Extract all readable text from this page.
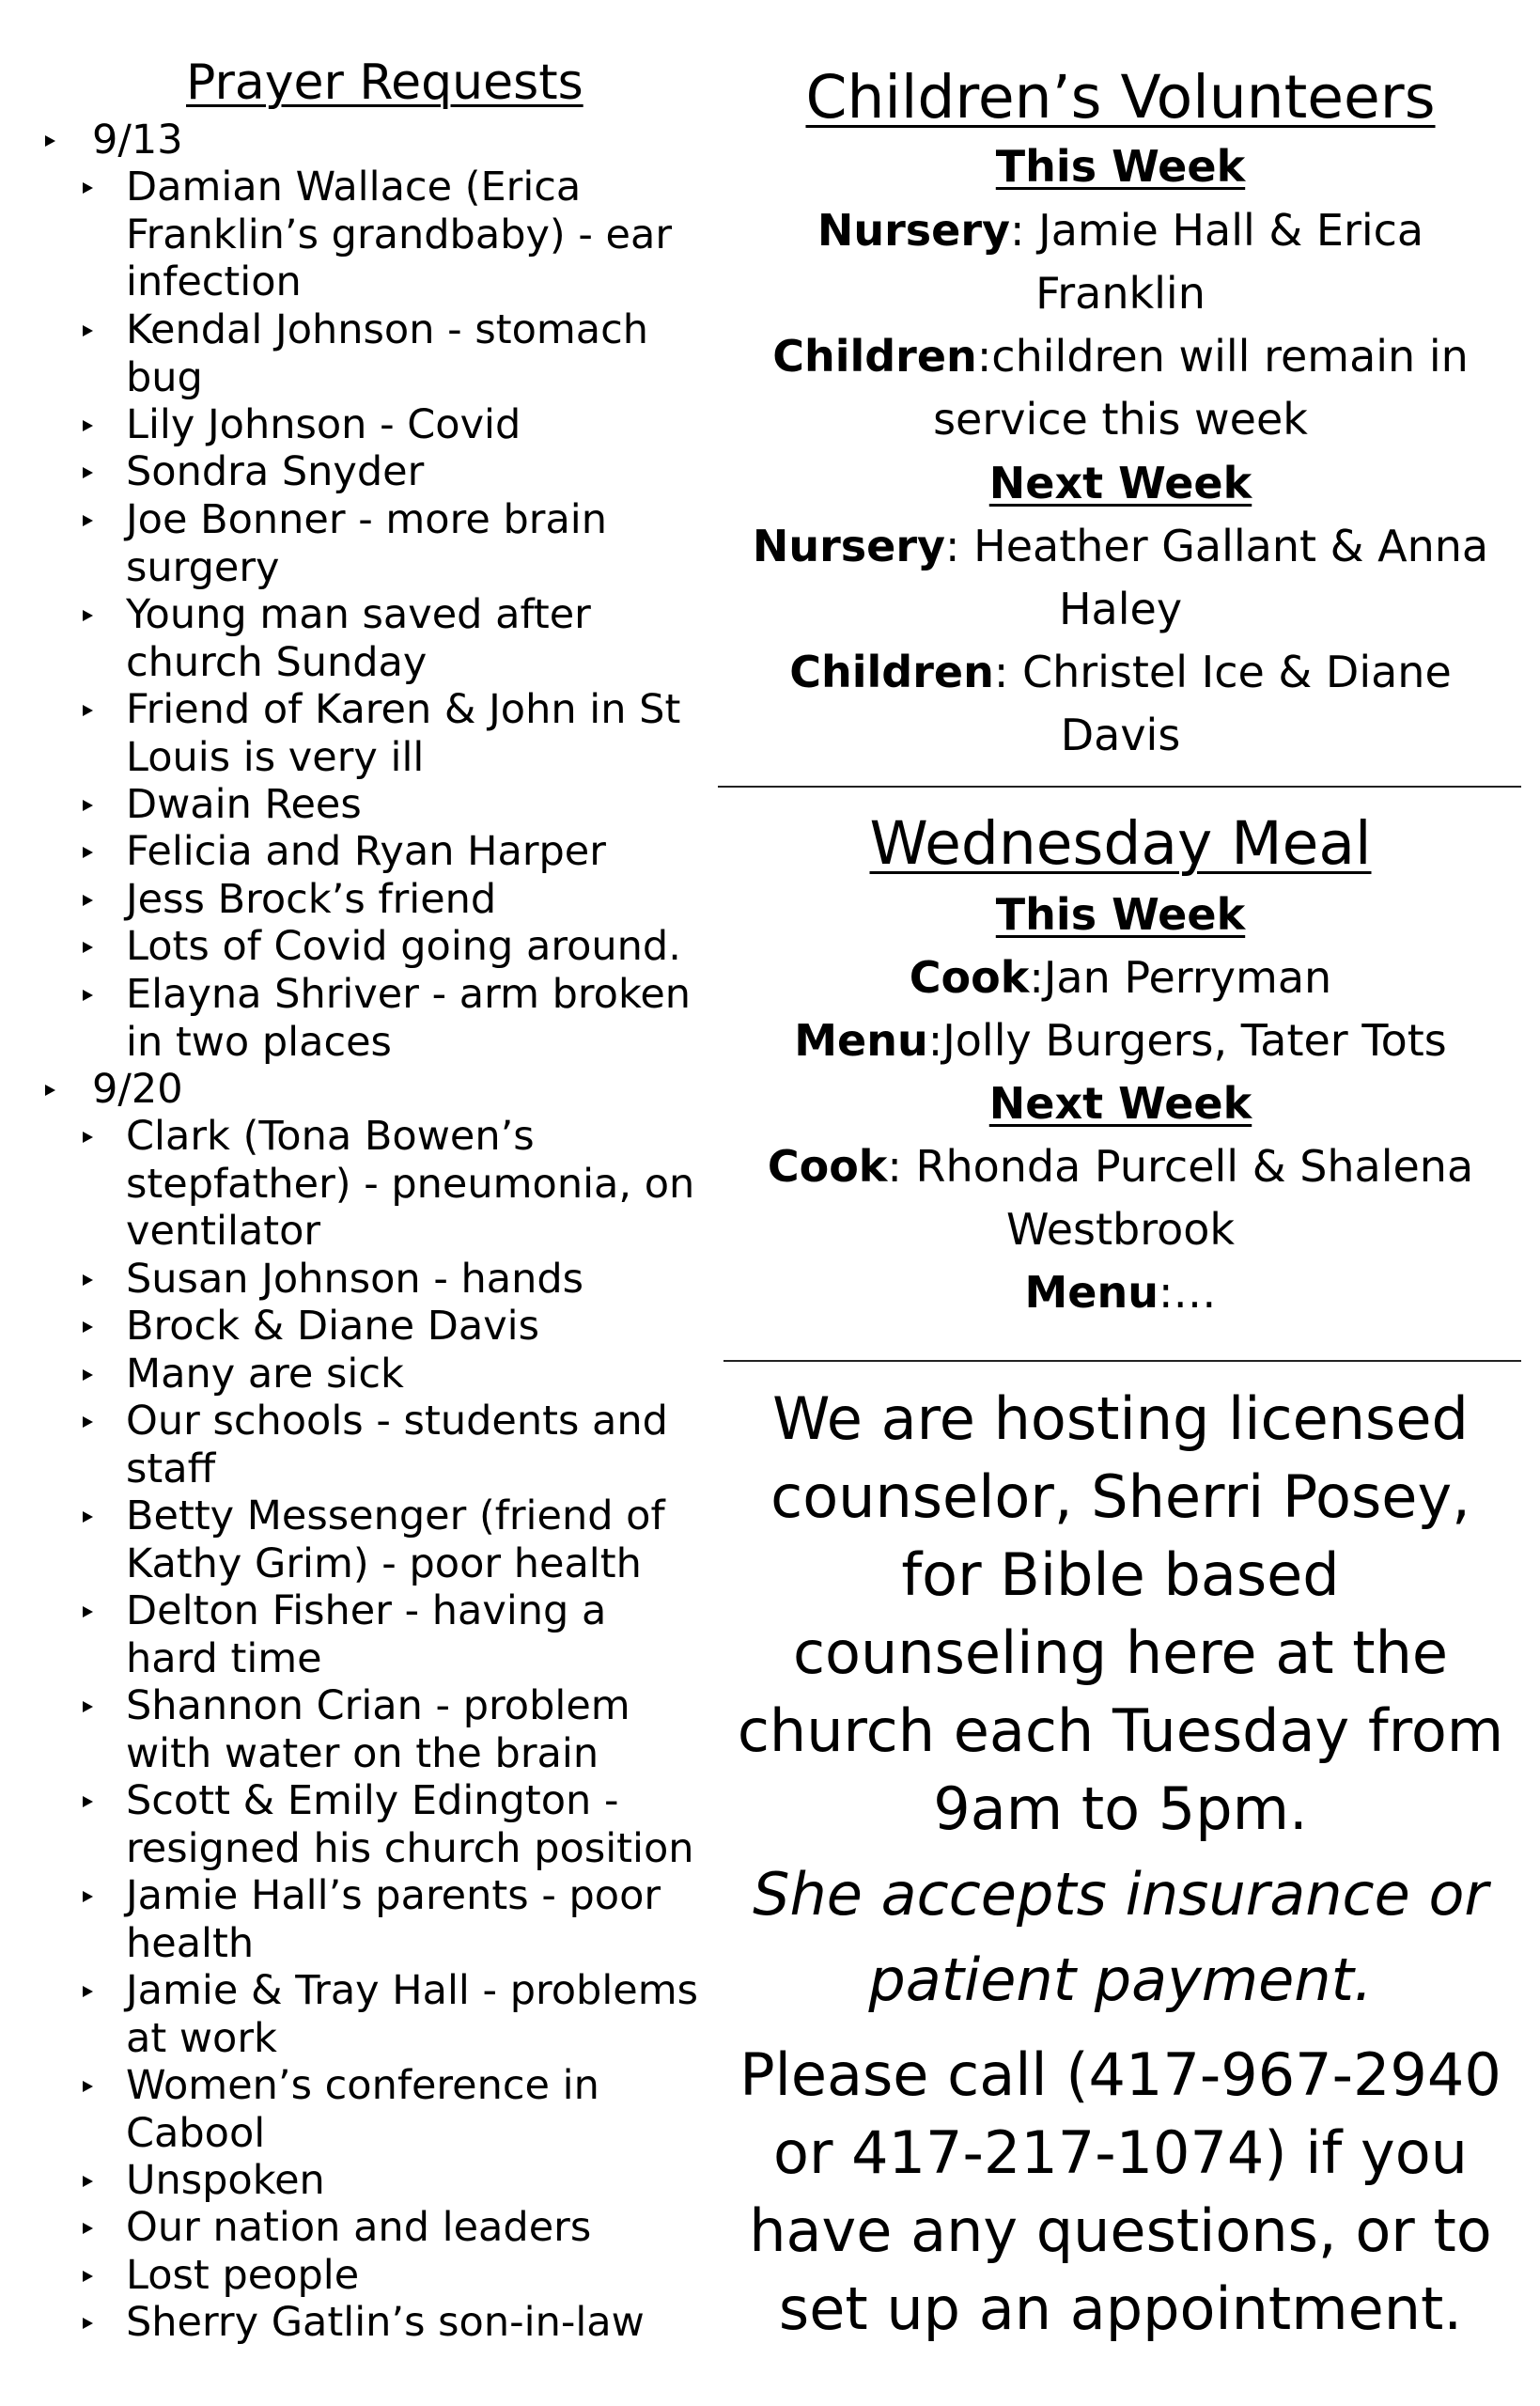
Prayer Requests
9/13
Damian Wallace (Erica Franklin’s grandbaby) - ear infection
Kendal Johnson - stomach bug
Lily Johnson - Covid
Sondra Snyder
Joe Bonner - more brain surgery
Young man saved after church Sunday
Friend of Karen & John in St Louis is very ill
Dwain Rees
Felicia and Ryan Harper
Jess Brock’s friend
Lots of Covid going around.
Elayna Shriver - arm broken in two places
9/20
Clark (Tona Bowen’s stepfather) - pneumonia, on ventilator
Susan Johnson - hands
Brock & Diane Davis
Many are sick
Our schools - students and staff
Betty Messenger (friend of Kathy Grim) - poor health
Delton Fisher - having a hard time
Shannon Crian - problem with water on the brain
Scott & Emily Edington - resigned his church position
Jamie Hall’s parents - poor health
Jamie & Tray Hall - problems at work
Women’s conference in Cabool
Unspoken
Our nation and leaders
Lost people
Sherry Gatlin’s son-in-law
Children’s Volunteers
This Week
Nursery: Jamie Hall & Erica
Franklin
Children:children will remain in
service this week
Next Week
Nursery: Heather Gallant & Anna
Haley
Children: Christel Ice & Diane
Davis
Wednesday Meal
This Week
Cook:Jan Perryman
Menu:Jolly Burgers, Tater Tots
Next Week
Cook: Rhonda Purcell & Shalena
Westbrook
Menu:…
We are hosting licensed
counselor, Sherri Posey,
for Bible based
counseling here at the
church each Tuesday from
9am to 5pm.
She accepts insurance or
patient payment.
Please call (417-967-2940
or 417-217-1074) if you
have any questions, or to
set up an appointment.
